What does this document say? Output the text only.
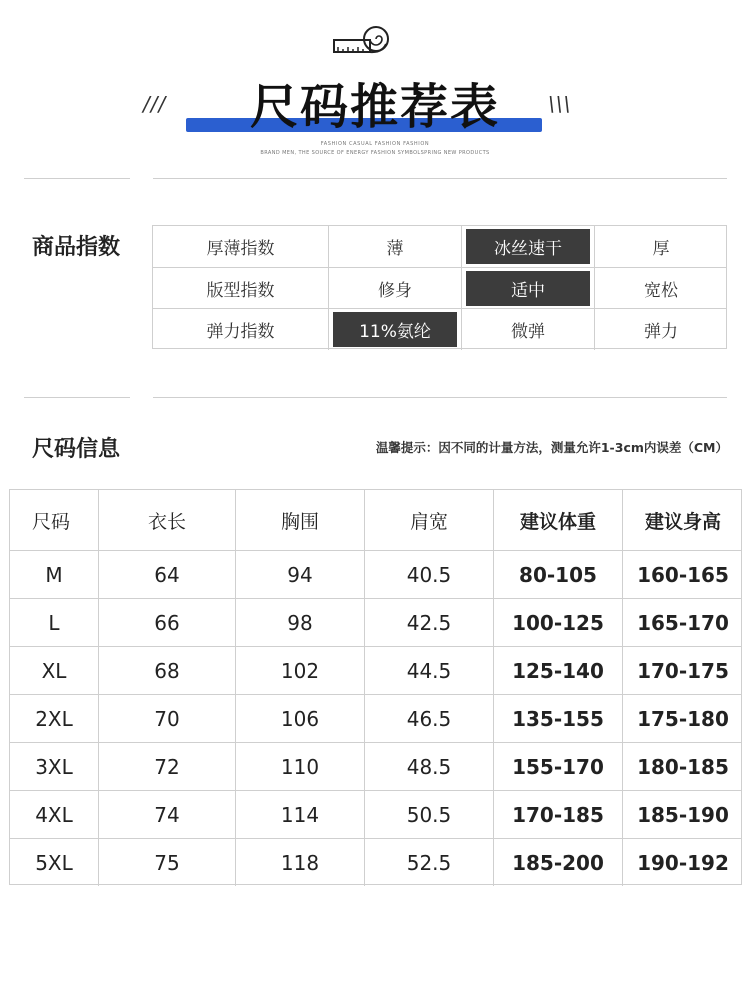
///	\\\
尺码推荐表
FASHION CASUAL FASHION FASHION
BRAND MEN, THE SOURCE OF ENERGY FASHION SYMBOLSPRING NEW PRODUCTS
商品指数	厚薄指数	薄	冰丝速干	厚
版型指数	修身	适中	宽松
弹力指数	11%氨纶	微弹	弹力
尺码信息	温馨提示：因不同的计量方法，测量允许1-3cm内误差（CM）
尺码	衣长	胸围	肩宽	建议体重	建议身高
M	64	94	40.5	80-105	160-165
L	66	98	42.5	100-125	165-170
XL	68	102	44.5	125-140	170-175
2XL	70	106	46.5	135-155	175-180
3XL	72	110	48.5	155-170	180-185
4XL	74	114	50.5	170-185	185-190
5XL	75	118	52.5	185-200	190-192
